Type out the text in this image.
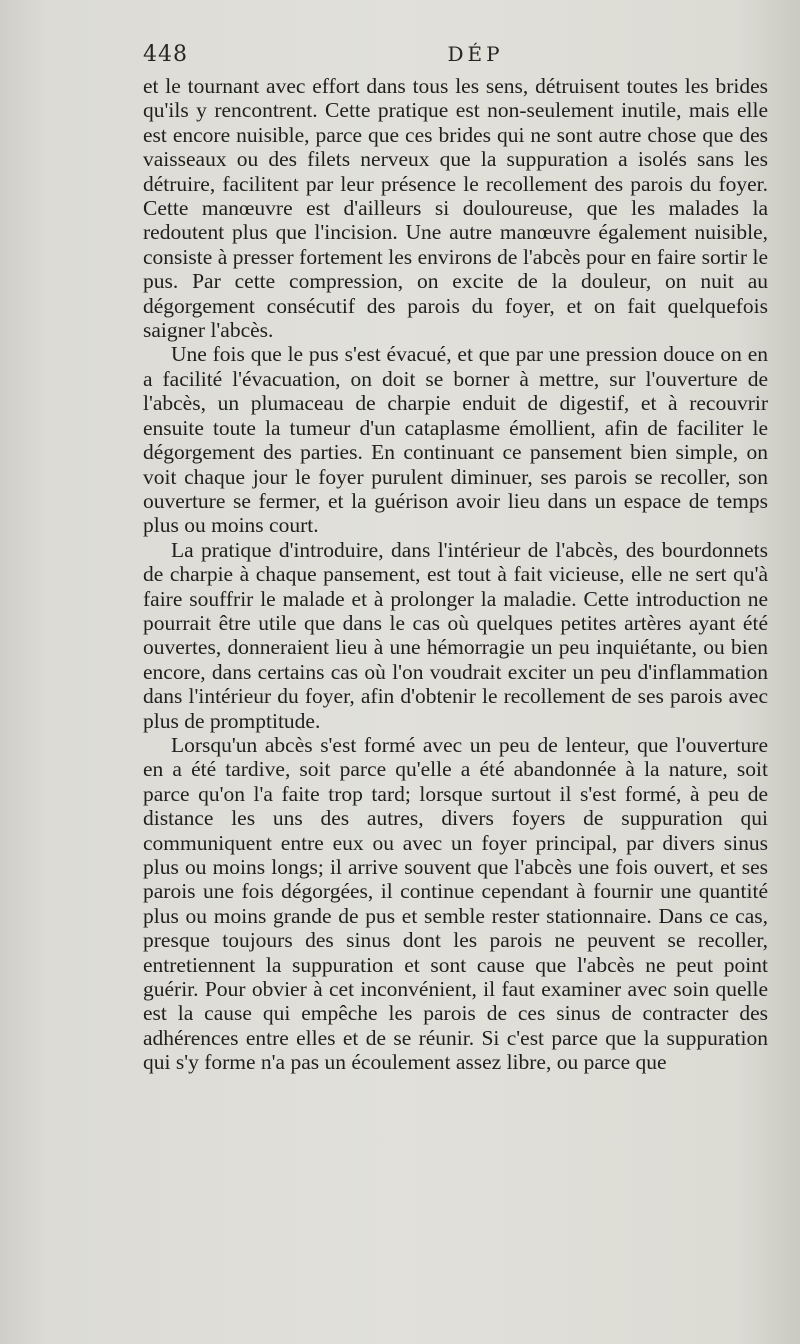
448	DÉP

et le tournant avec effort dans tous les sens, détruisent toutes les brides qu'ils y rencontrent. Cette pratique est non-seulement inutile, mais elle est encore nuisible, parce que ces brides qui ne sont autre chose que des vaisseaux ou des filets nerveux que la suppuration a isolés sans les détruire, facilitent par leur présence le recollement des parois du foyer. Cette manœuvre est d'ailleurs si douloureuse, que les malades la redoutent plus que l'incision. Une autre manœuvre également nuisible, consiste à presser fortement les environs de l'abcès pour en faire sortir le pus. Par cette compression, on excite de la douleur, on nuit au dégorgement consécutif des parois du foyer, et on fait quelquefois saigner l'abcès.

Une fois que le pus s'est évacué, et que par une pression douce on en a facilité l'évacuation, on doit se borner à mettre, sur l'ouverture de l'abcès, un plumaceau de charpie enduit de digestif, et à recouvrir ensuite toute la tumeur d'un cataplasme émollient, afin de faciliter le dégorgement des parties. En continuant ce pansement bien simple, on voit chaque jour le foyer purulent diminuer, ses parois se recoller, son ouverture se fermer, et la guérison avoir lieu dans un espace de temps plus ou moins court.

La pratique d'introduire, dans l'intérieur de l'abcès, des bourdonnets de charpie à chaque pansement, est tout à fait vicieuse, elle ne sert qu'à faire souffrir le malade et à prolonger la maladie. Cette introduction ne pourrait être utile que dans le cas où quelques petites artères ayant été ouvertes, donneraient lieu à une hémorragie un peu inquiétante, ou bien encore, dans certains cas où l'on voudrait exciter un peu d'inflammation dans l'intérieur du foyer, afin d'obtenir le recollement de ses parois avec plus de promptitude.

Lorsqu'un abcès s'est formé avec un peu de lenteur, que l'ouverture en a été tardive, soit parce qu'elle a été abandonnée à la nature, soit parce qu'on l'a faite trop tard; lorsque surtout il s'est formé, à peu de distance les uns des autres, divers foyers de suppuration qui communiquent entre eux ou avec un foyer principal, par divers sinus plus ou moins longs; il arrive souvent que l'abcès une fois ouvert, et ses parois une fois dégorgées, il continue cependant à fournir une quantité plus ou moins grande de pus et semble rester stationnaire. Dans ce cas, presque toujours des sinus dont les parois ne peuvent se recoller, entretiennent la suppuration et sont cause que l'abcès ne peut point guérir. Pour obvier à cet inconvénient, il faut examiner avec soin quelle est la cause qui empêche les parois de ces sinus de contracter des adhérences entre elles et de se réunir. Si c'est parce que la suppuration qui s'y forme n'a pas un écoulement assez libre, ou parce que
